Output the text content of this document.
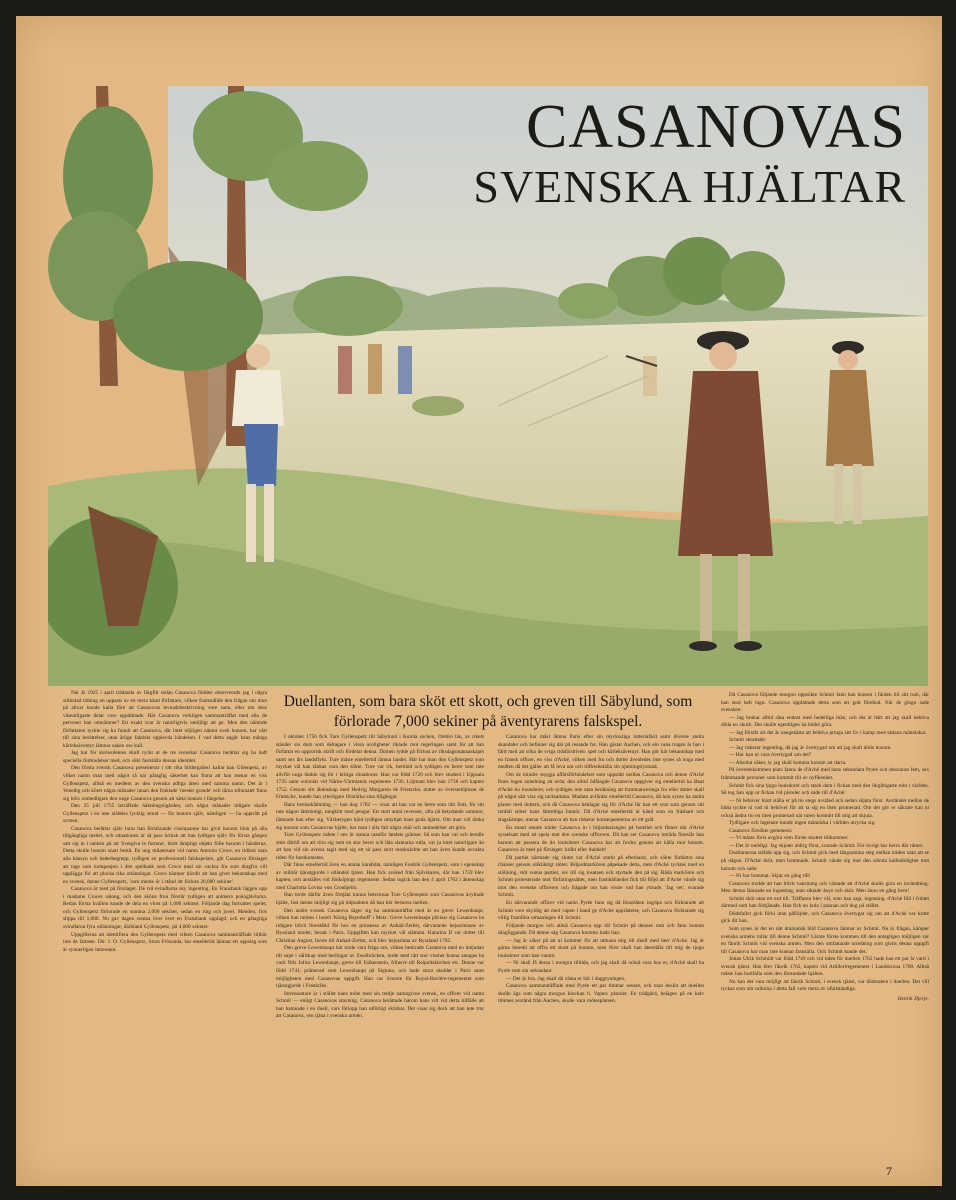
CASANOVAS
SVENSKA HJÄLTAR
Duellanten, som bara sköt ett skott, och greven till Säbylund, som förlorade 7,000 sekiner på äventyrarens falskspel.

När år 1925 i april trädanda av färgfilt sedan Casanova födden observerade jag i några stilbolad tidning en uppsats av en mera känd författare, vilken framställde den frågan om mon på allvar kunde kalla före att Casanovas levnadsbeskrivning vore sann, eller om dess väsentligaste delar vore uppdiktade. Här Casanova verkligen sammanträffat med alla de personer han omnämner? Ett exakt svar är naturligtvis omöjligt att ge. Men den nämnde författaren tyckte sig ha funnit att Casanova, där intet nöjligen nämnt ovek honom, har vårt till sina berättelser, utan ärlige faktiskt upplevda händelser. I vad detta angår hans många kärleksäventyr lämnar saken oss kall.

Jag har för kuriositetens skull ryckt ut de tre svenskar Casanova berättar sig ha haft speciella förbindelser med, och sökt fastställa dessas identitet.

Den första svensk Casanova presenterar i sitt rika bildergalleri kallar han Gibenpetz, av vilket namn man med något så när påtaglig säkerhet kan finna att han menar en viss Gyllenspetz, alltså en medlem av den svenska adliga ätten med samma namn. Det är i Venedig och köret några månader innan den fruktade 'mester grande' och tärna tribunalet finns sig börs ombedligare den unge Casanova genom att sätta honom i fängelse.

Den 25 juli 1755 inträffade häktningsögården, och några månader tidigare skulle Gyllenspetz i en inte alldeles lycklig stund — för honom själv, nämligen — ha uppträtt på scenen.

Casanova berättar själv huru han förstörande ciselquanne har givit honom lönn på alla tillgängliga medel, och situationen är så pass kritisk att han tydligen själv för första gången satt sig in i tanken på att 'övergiva le fortune', blott lämpligt objekt fölle honom i händerna. Detta skulle honom snart bestå. En ung milanesare vid namn Antonio Croce, en ridörst utan alla hänsyn och hederbegrepp, tydligen en professionell falskspelare, går Casanova förslaget att tage som kompanjon i den spelbank som Croce med sin vackra fru som dragfru vill upplägga för att plocka rika utlänningar. Croce hämner hävdit att han givet bekantskap med en svensk, denne Gyllenspetz, 'som mente ör i stånd att förlora 20,000 sekiner'.

Casanova är med på förslaget. De två evindlarna sky ingenting. En Fransbank läggen upp i madame Croces salong, och den sköna fruu förstår tydligen att animera poängtävlarna. Redan första kvällen kunde de dela en vinst på 1,600 sekiner. Följande dag fortsattes spelet, och Gyllenspetz förlorade en summa 2,000 sekiner, sedan en ring och juvel. Menden, fick slippa till 1,000. Nu gav dagen somna över över en Fransbank upplagd, och en påtagliga svindlarna fyra utlänningar, därbland Gyllenspetz, på 4,000 sekiner.

Uppgifterna att identifiera den Gyllenspetz med vilken Casanova sammanträffade tillhör inte de lättaste. Dir. J. O. Gyllenspetz, Stora Frösunda, har emellertid lämnat ett uppslag som är synnerligen intressant.

I oktober 1756 fick Ture Gyllenspetz till Säbylund i Kumla socken, Örebro län, av rikets ständer sin dom som deltagare i vissa oroligheter riktade mot regeringen samt för att han författat en upprorisk skrift och fördelat denna. Domen lydde på förlust av riksdagsmannaskapet samt sex års landsflykt. Ture måste emellertid lämna landet. Här har man den Gyllenspetz som mycket väl kan tänkas vara den sökte. Ture var rik, berömd och tydligen en herre som inte allvför noga tänkte sig för i kritiga situationer. Han var född 1720 och blev student i Uppsala 1735 samt volontär vid Närke-Värmlands regemente 1736. Löjtnant blev han 1738 och kapten 1752. Genom sitt äktenskap med Hedvig Margareta de Frietzcke, dotter av överstelöjtnant de Frietzcke, kunde han ytterligare förstärka sina tillgångar.

Hans hemsoklämning — han dog 1782 — visar att han var en herre som rätt flott, för sitt inte någon lättsinnigt, tungkött med pengar. Ett stort antal revenser, ofta på betydande summor, lämnade han efter sig. Växbetygen bjöd tydligen utnyttjat hans goda hjärta. Om man vill tänka sig honom som Casanovas hjälte, har man i alla fall några skäl och anmodelser att göra.

Ture Gyllenspetz måste i sex år stanna utanför landets gränser. Så som han var och heralle stmt därtill om att röra sig som en stor herre och låta slantarna rulla, var ju intet naturligare än att han vid sin avresa tagit med sig ett så pass stort reseknäckte att han även kunde avvakta tiden för hemkomsten.

Där finns emellertid även en annan kandidat, nämligen Fredrik Gyllenspetz, som i egenskap av militär tjänstgjorde i utländsk tjänst. Han fick avsked från Sjövikaren, där han 1759 blev kapten, och anställes vid Jönköpings regemente. Sedan ingick han den 4 april 1762 i äktenskap med Charlotta Lovisa von Cronhjelm.

Han torde därför även förtjänt kunna betecknas Ture Gyllenspetz som Casanovas ävyttade hjälte, fast denne möjligt sig på tidpunkten då han bör berserra mellen.

Den andre svensk Casanova säger sig ha sammanträffat med är en greve Lewenhaupt, vilken han möttes i hotell 'König Bayerhoff' i Metz. Greve Lewenhaupt påvisar sig Casanova ha tidigare blivit förestålld för hos en prinsessa av Anhalt-Zerbst, därvarande kejsarinnans av Ryssland moder, besatt i Paris. Uppgiften kan mycket väl stämma. Katarina II var dotter till Christian August, furste till Anhalt-Zerbst, och blev kejsarinna av Ryssland 1762.

Den greve Lewenhaupt här torde vara fråga om, vilken beskrade Casanova med en inbjudan till supé i sällskap med berlingar av Zweibrücken, torde med rätt stor visshet kunna antagas ha varit Nils Julius Lewenhaupt, greve till Falkenstein, friherre till Reipoltskirchen etc. Denne var född 1741, prämerad som Lewenhaupt på Sigtuna, och hade stora skulder i Paris samt möjligheten med Casanovas uppgift. Han var överste för Royal-Bavière-regementet som tjänstgjorde i Frankrike.

Intressantare är i stället hans möte med sin tredje namngivne svensk, en officer vid namn Schmit — enligt Casanovas stavning. Casanova berättade härom hans vilt vid detta tillfälle att han hamnade i en duell, vars förlopp han utförligt skildrar. Det visar sig dock att han inte tror att Casanova, sen tjäna i svenska armén.

Casanova har måst lämna Paris efter sin olyckssliga lotteriafärd samt diverse andra skandaler och befinner sig där på resande fot. Han gästar Aachen, och ein vana tragen är han i färd med att söka de sviga tidsfördriven: spel och kärleksäventyr. Han gör här bekantskap med en fransk officer, en viss d'Aché, vilken med fru och dotter åvenledes inte synes så noga med medlen då det gäller att få leva om och tillfredsställa sin njutningslystnad.

Om de mindre snygga affärsförbindelser som uppstått mellan Casanova och denne d'Aché finns ingen anledning att orda; den alltid ödfängde Casanova uppgiver sig emellertid ha lånat d'Aché tio louisdorer, och tydligen inte utan beräkning att frammanceringa fru eller dotter skall på något sätt visa sig tacksamma. Madam avfärdar emellertid Casanova, då hon synes ha andra planer med dottern, och då Casanova beklagar sig för d'Aché får han ett svar som genom sitt tonfall stöter hans lättretliga humör. Då d'Aché emellertid är känd som en fräshare och slagskämpe, menar Casanova att han riskerar konsequenterna av ett gräl.

En stund senare träder Casanova in i biljardsalongen på hotellet och finner där d'Aché sysselsatt med att spela mot den svenske officeren. Då han ser Casanova inträda föreslår han honom att passera de tio louisdorer Casanova har att fordra genom att hålla mot honom. Casanova är med på förslaget: krökt eller dubbelt!

Då partiet närmade sig slutet var d'Aché starkt på efterhand, och sökte förbättra sina chanser genom olikliktigt stöter. Biljardmarkören påpekade detta, men d'Aché tycktes med en ställning, stöt vunna partiet, rev till sig insatsen och styrtade den på sig. Båda markören och Schmit protesterade mot förfaringssättet, men framhållandet fick till följd att d'Aché vände sig mot den svenske officeren och frågade om han visste vad han yttrade. 'Jag vet', svarade Schmit.

En närvarande officer vid namn Pyrée fann sig då föranlåten ingripa och förklarade att Schmit vore skyldig att med vapen i hand ge d'Aché upprättelse, och Casanova förklarade sig villig framföra utmaningen till Schmit.

Följande morgon och alltså Casanova upp till Schmit på dennes rum och fann honom sängliggande. Då denne såg Casanova kommo hade han:

— Jag är säker på att ni kommer för att utmana mig till duell med herr d'Aché. Jag är gärna beredd att offra ett skott på honom, men först skall han återställa till mig de tjugo louisdorer som han vunnit.

— Ni skall få dessa i morgon tilltida, och jag skall då också vara hos er, d'Aché skall ha Pyrée som sin sekundant.

— Det är bra. Jag skall då vänta er här i daggryningen.

Casanova sammanträffade med Pyrée ett par timmar senare, och man beslöt att duellen skulle äga rum några morgon klockan 6. Vapen: pistoler. En trädgård, belägen på en halv timmes avstånd från Aachen, skulle vara mötesplatsen.

Då Casanova följande morgon uppsökte Schmit fann han honom i färden till sitt rum, där han stod helt lugn. Casanova uppfattade detta som ett gott förebud. När de gingo sade svensken:

— Jag brukar alltid såsa endast med hederliga män, och det är hårt att jag skall behöva döda en skurk. Det skulle egentligen ha bödel göra.

— Jag förstår att det är oangenämt att behöva pringa sitt liv i kamp med sådana människor.

Schmit skrattade:

— Jag riskerar ingenting, då jag är övertygad om att jag skall döda honom.

— Har kan ni vara övertygad om det?

— Absolut säker, ty jag skall komma honom att darra.

På överenskommen plats fanns de d'Aché med hans sekundant Pyrée och dessutom fem, sex främmande personer som kommit till av nyfikenhet.

Schmit fick sina tjugo louisdorer och stack dem i fickan med den likgiltigaste min i världen. Så tog han upp ur fickan två pistoler och sade till d'Aché:

— Ni behöver blott ställa er på tio stegs avstånd och sedan skjuta först. Avståndet mellan de båda tyckte ni vad ni behöver för att ta sig en liten promenad. Om det gör er säkrare kan ni också ändra tio en liten promenad när turen kommit till mig att skjuta.

Tydligare och ingenare kunde ingen människa i världen utrycka sig.

Casanova försökte gemenera:

— Vi måste först avgöra vem förste skottet tillkommer.

— Det är onödigt. Jag skjuter aldrig först, svarade Schmit. För övrigt har herrn där rätten.

Duellanterna ställde upp sig, och Schmit gick med långsamma steg mellan träden utan att se på någon. D'Aché sköt, men bommade. Schmit vände sig mot den största kalibdödighet mot honom och sade:

— Ni har bommat. Skjut en gång till!

Casanova trodde att han blivit vansinnig och väntade att d'Aché skulle göra en invändning. Men denna lämnade en ingenting, utan siktade ånyo och sköt. Men ännu en gång bom!

Schmit sköt utan ett ord till. Träffaren blev väl, som han sagt, ingenting. d'Aché föll i fröttet därmed som han förtjänade. Han fick en kula i pannan och dog på stället.

Dödsfallet gick förbi utan påföljder, och Casanova övertygat sig om att d'Aché var kritte gick dit han.

Som synes är det en rätt dramatisk bild Casanova lämnar av Schmit. Nu är frågan, kämper svenska arméns rullar till denne Schmit? Lärare förste kommen till den antagligen möjligen var en fänrik Schmit vid svenska armén. Men den omfattande utredning som givits denna uppgift till Casanova har man inte kunnat fastställa. Och Schmit kunde det.

Johan Ulrik Schmidt var född 1749 och vid tiden för duellen 1762 hade han ett par år varit i svensk tjänst. Han blev fänrik 1762, kapten vid Artilleriregementet i Landskrona 1780. Alltså måste han bortfalla som den förmodade hjälten.

Nu kan det vara möjligt att fänrik Schmit, i svensk tjänst, var dödsraben i duellen. Det vill tyckas som om rullorna i detta fall vore mera av ofullständiga.

Henrik Djerje.
7
